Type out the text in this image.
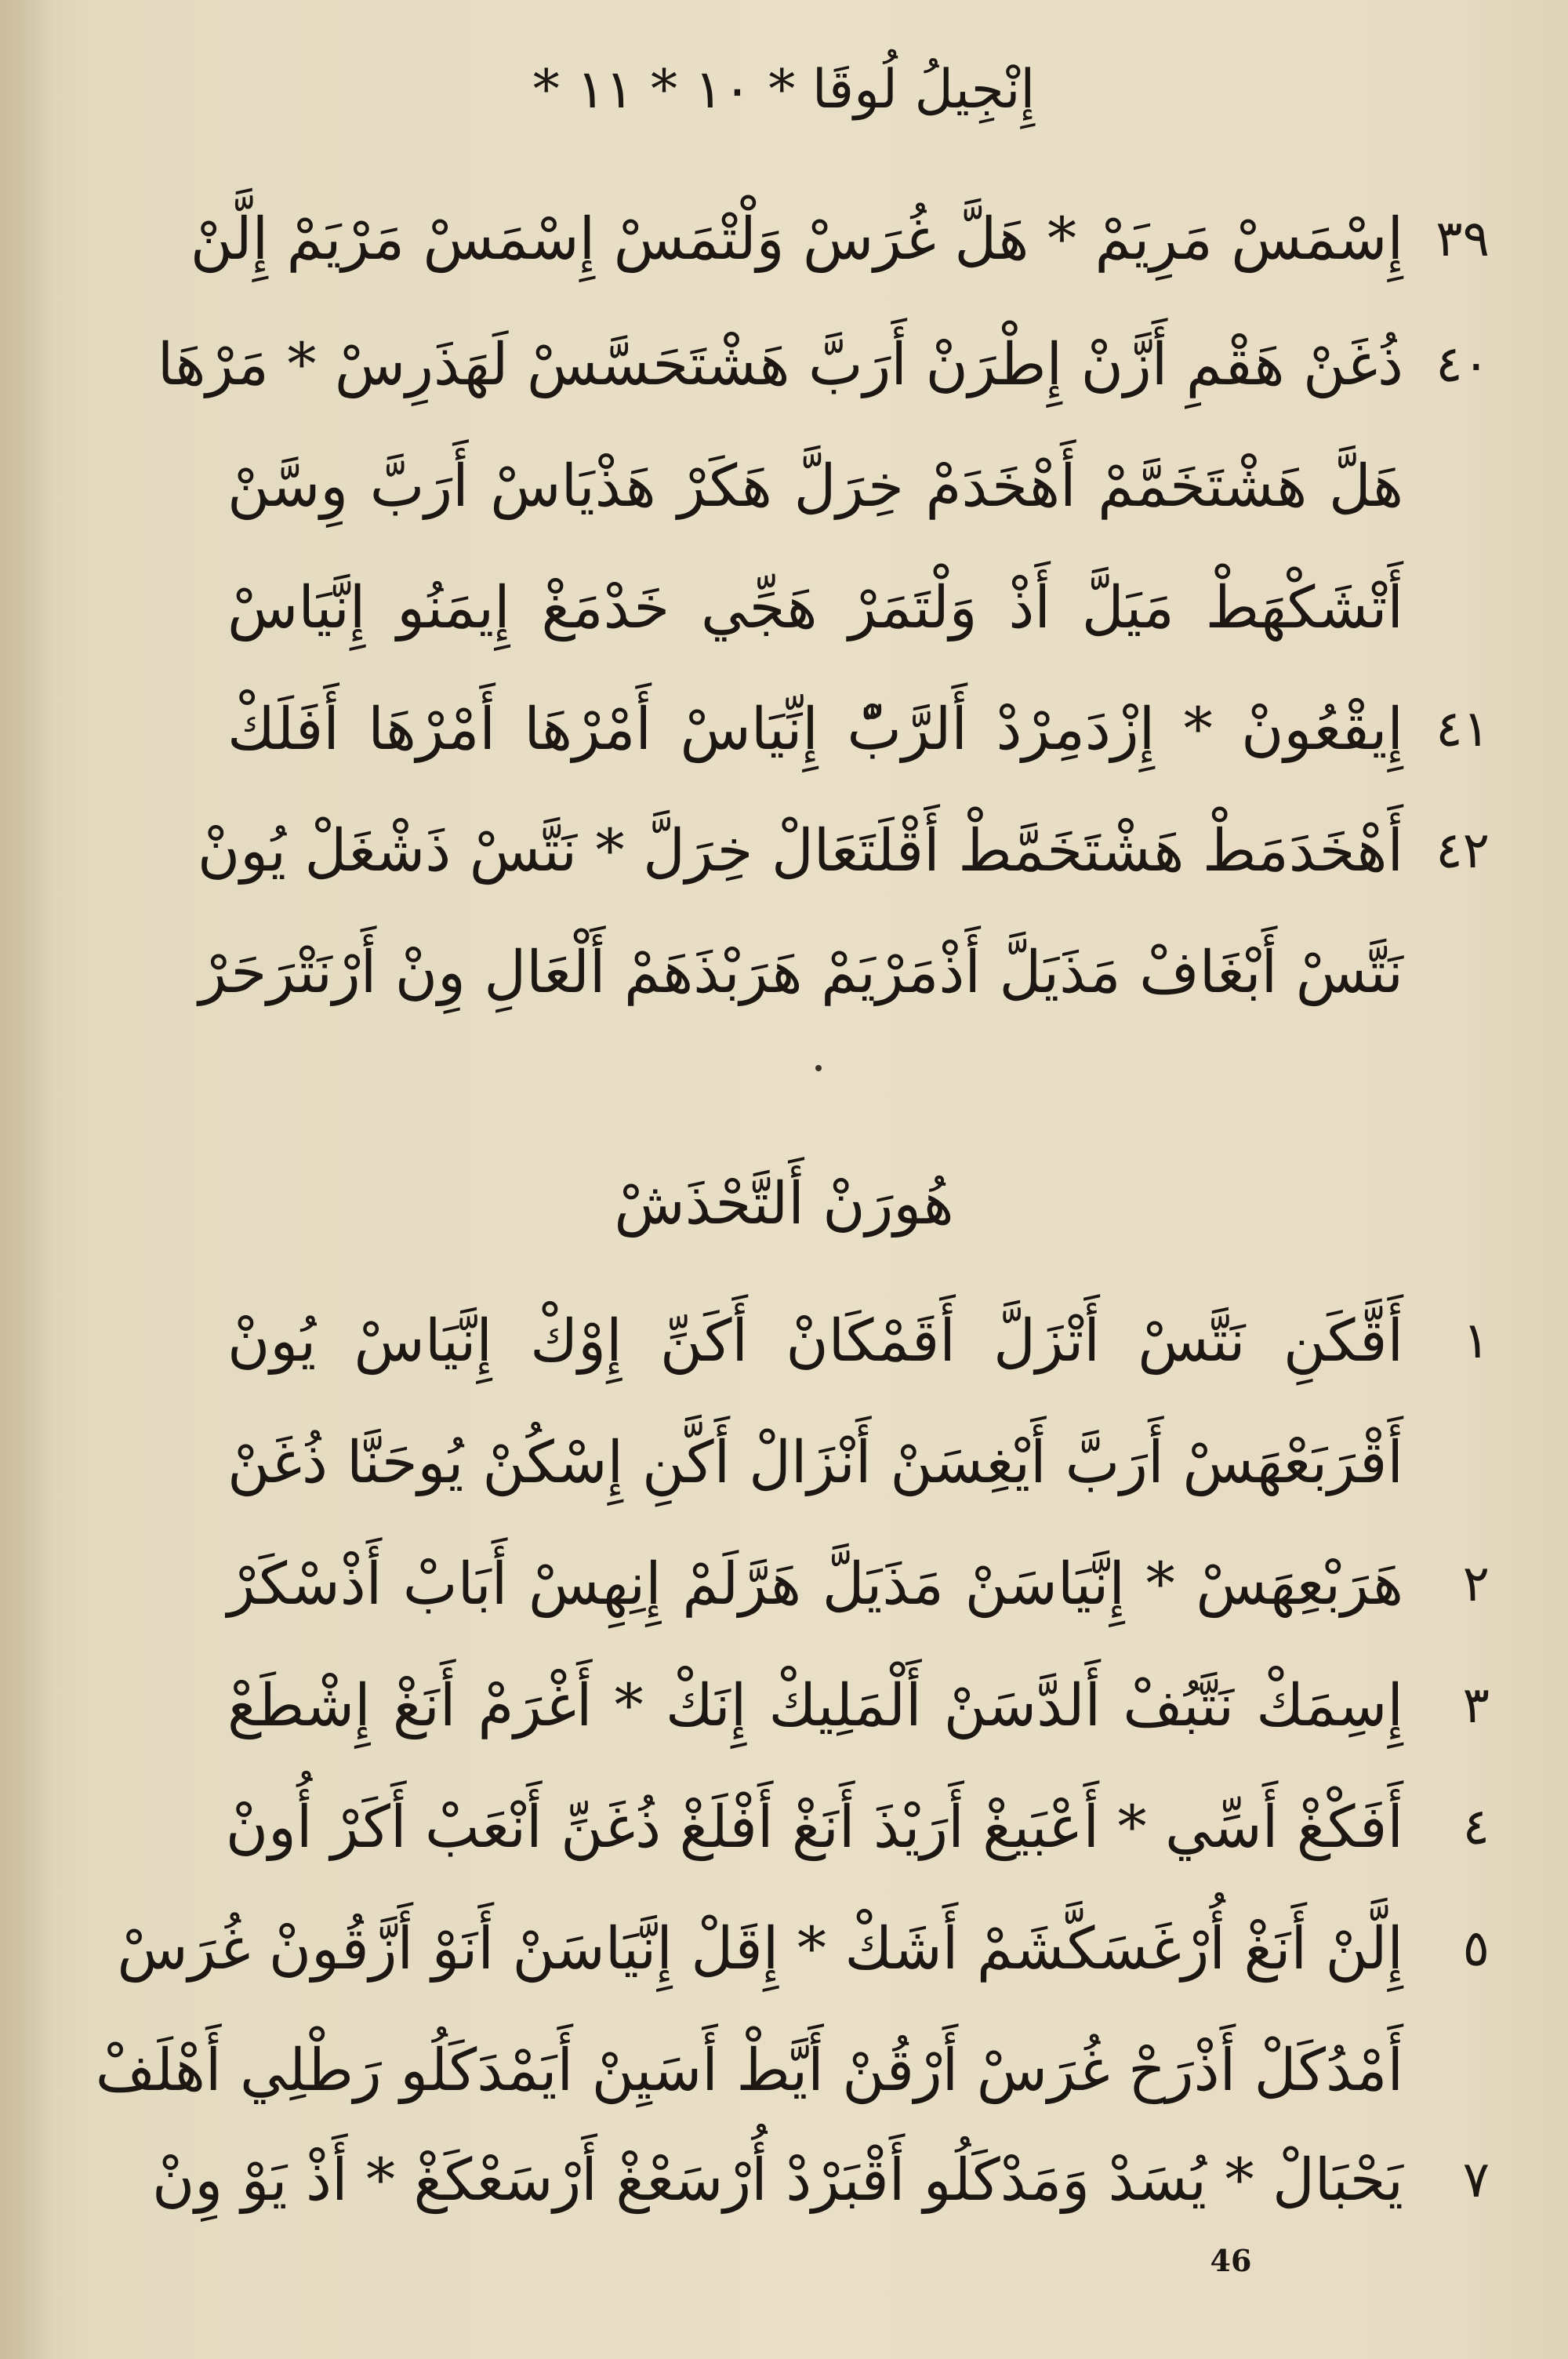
إِنْجِيلُ لُوقَا * ١٠ * ١١ *
٣٩
إِسْمَسْ مَرِيَمْ * هَلَّ غُرَسْ وَلْتْمَسْ إِسْمَسْ مَرْيَمْ إِلَّنْ
٤٠
ذُغَنْ هَقْمِ أَزَّنْ إِطْرَنْ أَرَبَّ هَشْتَحَسَّسْ لَهَذَرِسْ * مَرْهَا
هَلَّ هَشْتَخَمَّمْ أَهْخَدَمْ خِرَلَّ هَكَرْ هَذْيَاسْ أَرَبَّ وِسَّنْ
أَتْشَكْهَطْ مَيَلَّ أَذْ وَلْتَمَرْ هَجِّي خَدْمَغْ إِيمَنُو إِنَّيَاسْ
٤١
إِيقْعُونْ * إِزْدَمِرْدْ أَلرَّبّْ إِنِّيَاسْ أَمْرْهَا أَمْرْهَا أَفَلَكْ
٤٢
أَهْخَدَمَطْ هَشْتَخَمَّطْ أَقْلَتَعَالْ خِرَلَّ * نَتَّسْ ذَشْغَلْ يُونْ
نَتَّسْ أَبْغَافْ مَذَيَلَّ أَذْمَرْيَمْ هَرَبْذَهَمْ أَلْعَالِ وِنْ أَرْنَتْرَحَرْ
هُورَنْ أَلتَّحْذَشْ
١
أَقَّكَنِ نَتَّسْ أَتْزَلَّ أَقَمْكَانْ أَكَنِّ إِوْكْ إِنَّيَاسْ يُونْ
أَقْرَبَعْهَسْ أَرَبَّ أَيْغِسَنْ أَنْزَالْ أَكَّنِ إِسْكُنْ يُوحَنَّا ذُغَنْ
٢
هَرَبْعِهَسْ * إِنَّيَاسَنْ مَذَيَلَّ هَرَّلَمْ إِنِهِسْ أَبَابْ أَذْسْكَرْ
٣
إِسِمَكْ نَتَّبُفْ أَلدَّسَنْ أَلْمَلِيكْ إِنَكْ * أَغْرَمْ أَنَغْ إِشْطَعْ
٤
أَفَكْغْ أَسِّي * أَعْبَيغْ أَرَيْذَ أَنَغْ أَفْلَغْ ذُغَنِّ أَنْعَبْ أَكَرْ أُونْ
٥
إِلَّنْ أَنَغْ أُرْغَسَكَّشَمْ أَشَكْ * إِقَلْ إِنَّيَاسَنْ أَنَوْ أَزَّقُونْ غُرَسْ
أَمْدُكَلْ أَذْرَحْ غُرَسْ أَرْقُنْ أَيَّطْ أَسَيِنْ أَيَمْدَكَلُو رَطْلِي أَهْلَفْ
٧
يَحْبَالْ * يُسَدْ وَمَدْكَلُو أَقْبَرْدْ أُرْسَعْغْ أَرْسَعْكَغْ * أَذْ يَوْ وِنْ
46
